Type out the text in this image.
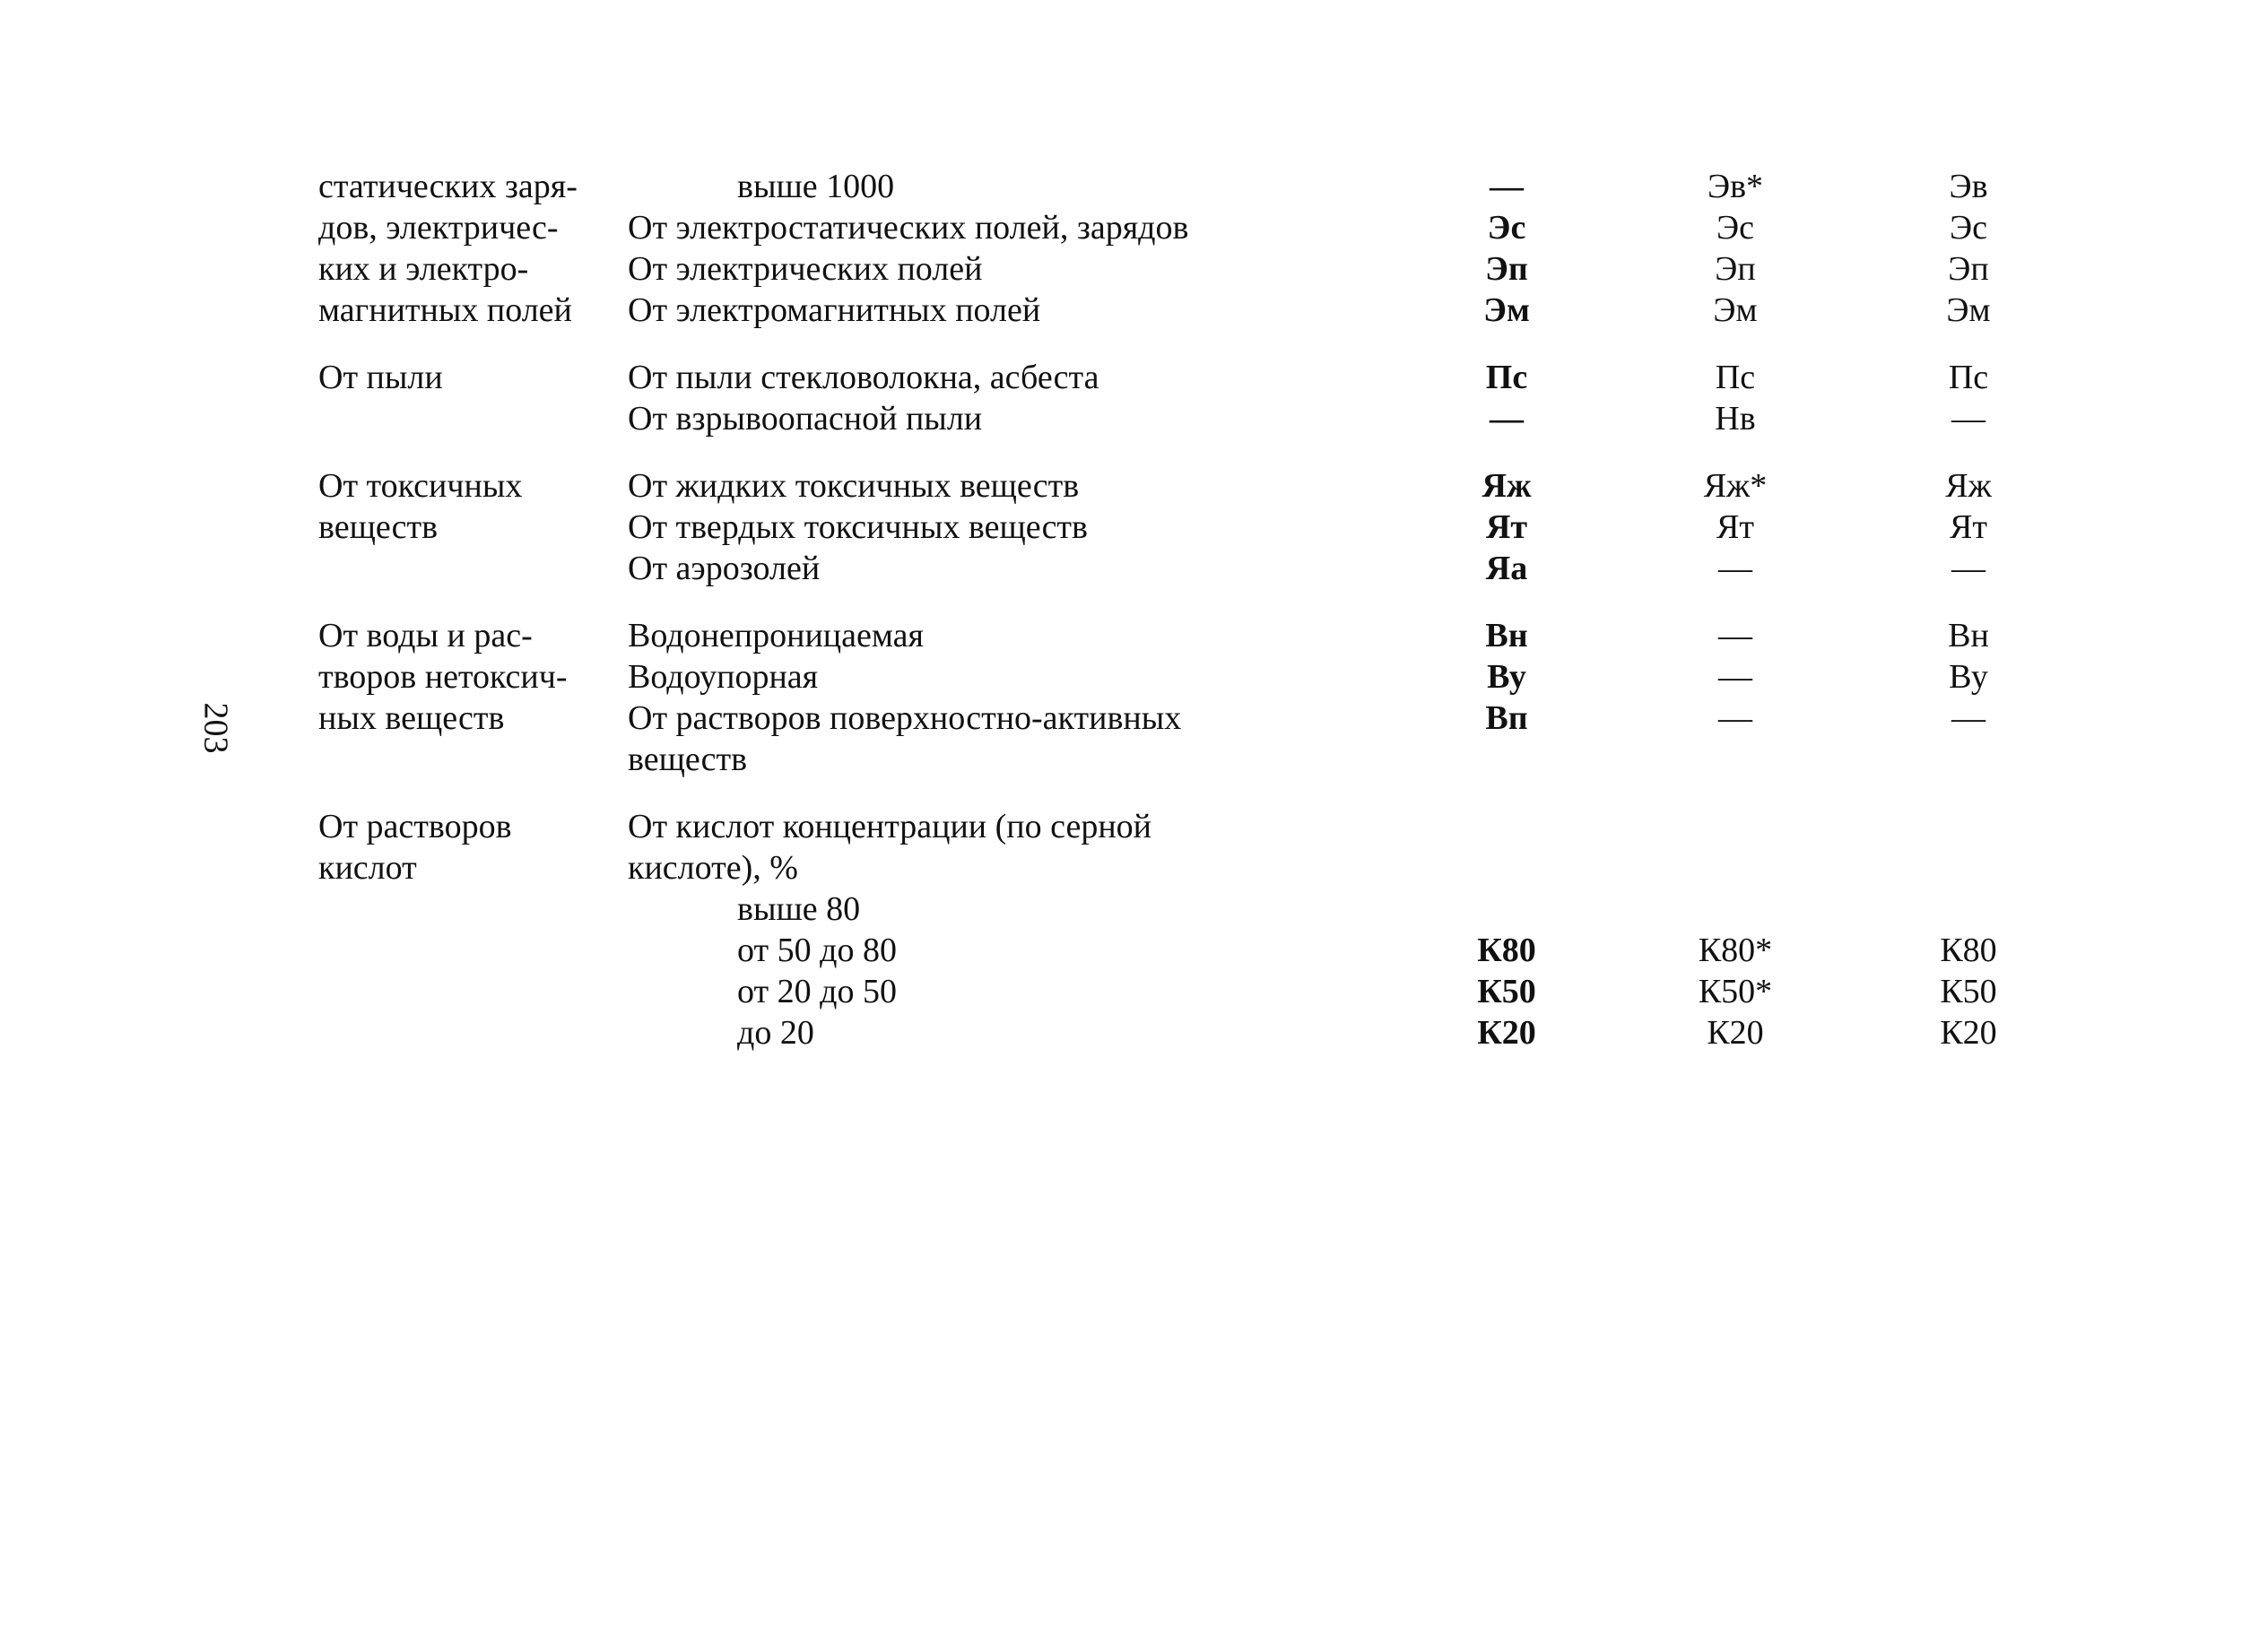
203
статических заря-	выше 1000	—	Эв*	Эв
дов, электричес-	От электростатических полей, зарядов	Эс	Эс	Эс
ких и электро-	От электрических полей	Эп	Эп	Эп
магнитных полей	От электромагнитных полей	Эм	Эм	Эм
От пыли	От пыли стекловолокна, асбеста	Пс	Пс	Пс
	От взрывоопасной пыли	—	Нв	—
От токсичных	От жидких токсичных веществ	Яж	Яж*	Яж
веществ	От твердых токсичных веществ	Ят	Ят	Ят
	От аэрозолей	Яа	—	—
От воды и рас-	Водонепроницаемая	Вн	—	Вн
творов нетоксич-	Водоупорная	Ву	—	Ву
ных веществ	От растворов поверхностно-активных	Вп	—	—
	веществ			
От растворов	От кислот концентрации (по серной			
кислот	кислоте), %			
	выше 80			
	от 50 до 80	К80	К80*	К80
	от 20 до 50	К50	К50*	К50
	до 20	К20	К20	К20
